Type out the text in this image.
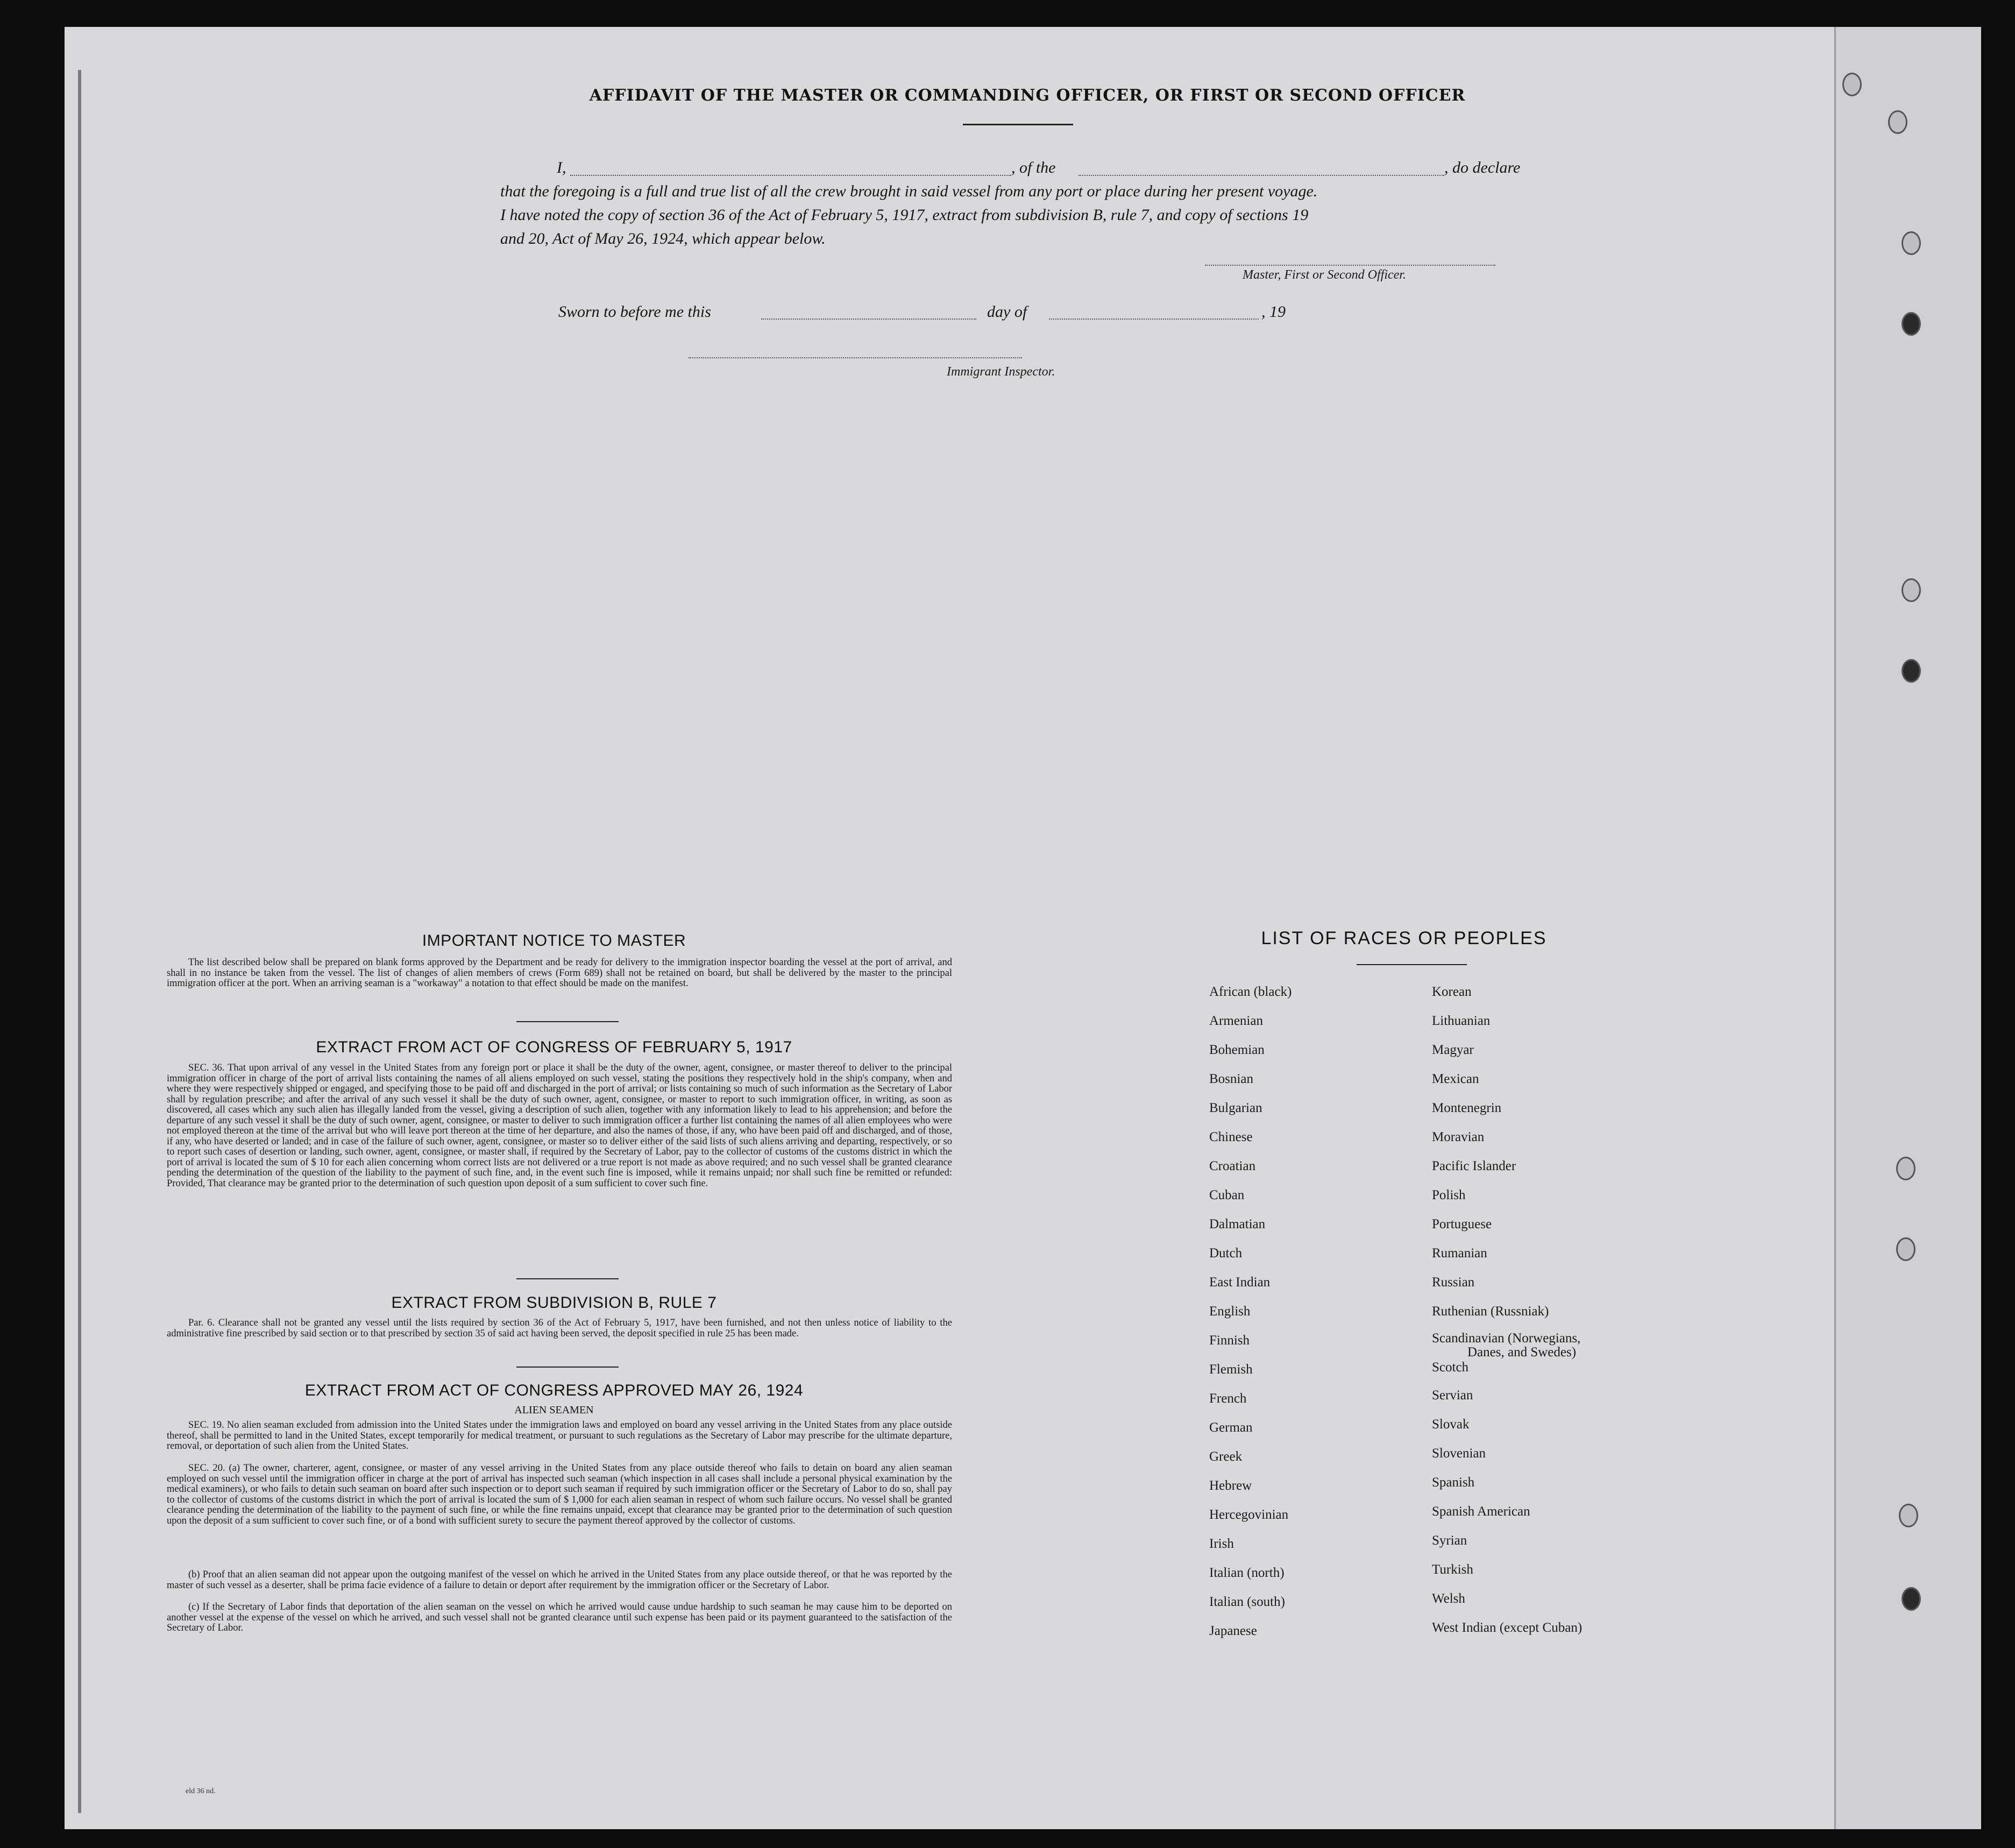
AFFIDAVIT OF THE MASTER OR COMMANDING OFFICER, OR FIRST OR SECOND OFFICER
I,	, of the	, do declare
that the foregoing is a full and true list of all the crew brought in said vessel from any port or place during her present voyage.
I have noted the copy of section 36 of the Act of February 5, 1917, extract from subdivision B, rule 7, and copy of sections 19
and 20, Act of May 26, 1924, which appear below.
Master, First or Second Officer.
Sworn to before me this	day of	, 19
Immigrant Inspector.
IMPORTANT NOTICE TO MASTER
The list described below shall be prepared on blank forms approved by the Department and be ready for delivery to the immigration inspector boarding the vessel at the port of arrival, and shall in no instance be taken from the vessel. The list of changes of alien members of crews (Form 689) shall not be retained on board, but shall be delivered by the master to the principal immigration officer at the port. When an arriving seaman is a "workaway" a notation to that effect should be made on the manifest.
EXTRACT FROM ACT OF CONGRESS OF FEBRUARY 5, 1917
SEC. 36. That upon arrival of any vessel in the United States from any foreign port or place it shall be the duty of the owner, agent, consignee, or master thereof to deliver to the principal immigration officer in charge of the port of arrival lists containing the names of all aliens employed on such vessel, stating the positions they respectively hold in the ship's company, when and where they were respectively shipped or engaged, and specifying those to be paid off and discharged in the port of arrival; or lists containing so much of such information as the Secretary of Labor shall by regulation prescribe; and after the arrival of any such vessel it shall be the duty of such owner, agent, consignee, or master to report to such immigration officer, in writing, as soon as discovered, all cases which any such alien has illegally landed from the vessel, giving a description of such alien, together with any information likely to lead to his apprehension; and before the departure of any such vessel it shall be the duty of such owner, agent, consignee, or master to deliver to such immigration officer a further list containing the names of all alien employees who were not employed thereon at the time of the arrival but who will leave port thereon at the time of her departure, and also the names of those, if any, who have been paid off and discharged, and of those, if any, who have deserted or landed; and in case of the failure of such owner, agent, consignee, or master so to deliver either of the said lists of such aliens arriving and departing, respectively, or so to report such cases of desertion or landing, such owner, agent, consignee, or master shall, if required by the Secretary of Labor, pay to the collector of customs of the customs district in which the port of arrival is located the sum of $ 10 for each alien concerning whom correct lists are not delivered or a true report is not made as above required; and no such vessel shall be granted clearance pending the determination of the question of the liability to the payment of such fine, and, in the event such fine is imposed, while it remains unpaid; nor shall such fine be remitted or refunded: Provided, That clearance may be granted prior to the determination of such question upon deposit of a sum sufficient to cover such fine.
EXTRACT FROM SUBDIVISION B, RULE 7
Par. 6. Clearance shall not be granted any vessel until the lists required by section 36 of the Act of February 5, 1917, have been furnished, and not then unless notice of liability to the administrative fine prescribed by said section or to that prescribed by section 35 of said act having been served, the deposit specified in rule 25 has been made.
EXTRACT FROM ACT OF CONGRESS APPROVED MAY 26, 1924
ALIEN SEAMEN
SEC. 19. No alien seaman excluded from admission into the United States under the immigration laws and employed on board any vessel arriving in the United States from any place outside thereof, shall be permitted to land in the United States, except temporarily for medical treatment, or pursuant to such regulations as the Secretary of Labor may prescribe for the ultimate departure, removal, or deportation of such alien from the United States.
SEC. 20. (a) The owner, charterer, agent, consignee, or master of any vessel arriving in the United States from any place outside thereof who fails to detain on board any alien seaman employed on such vessel until the immigration officer in charge at the port of arrival has inspected such seaman (which inspection in all cases shall include a personal physical examination by the medical examiners), or who fails to detain such seaman on board after such inspection or to deport such seaman if required by such immigration officer or the Secretary of Labor to do so, shall pay to the collector of customs of the customs district in which the port of arrival is located the sum of $ 1,000 for each alien seaman in respect of whom such failure occurs. No vessel shall be granted clearance pending the determination of the liability to the payment of such fine, or while the fine remains unpaid, except that clearance may be granted prior to the determination of such question upon the deposit of a sum sufficient to cover such fine, or of a bond with sufficient surety to secure the payment thereof approved by the collector of customs.
(b) Proof that an alien seaman did not appear upon the outgoing manifest of the vessel on which he arrived in the United States from any place outside thereof, or that he was reported by the master of such vessel as a deserter, shall be prima facie evidence of a failure to detain or deport after requirement by the immigration officer or the Secretary of Labor.
(c) If the Secretary of Labor finds that deportation of the alien seaman on the vessel on which he arrived would cause undue hardship to such seaman he may cause him to be deported on another vessel at the expense of the vessel on which he arrived, and such vessel shall not be granted clearance until such expense has been paid or its payment guaranteed to the satisfaction of the Secretary of Labor.
LIST OF RACES OR PEOPLES
African (black)
Armenian
Bohemian
Bosnian
Bulgarian
Chinese
Croatian
Cuban
Dalmatian
Dutch
East Indian
English
Finnish
Flemish
French
German
Greek
Hebrew
Hercegovinian
Irish
Italian (north)
Italian (south)
Japanese
Korean
Lithuanian
Magyar
Mexican
Montenegrin
Moravian
Pacific Islander
Polish
Portuguese
Rumanian
Russian
Ruthenian (Russniak)
Scandinavian (Norwegians,
Danes, and Swedes)
Scotch
Servian
Slovak
Slovenian
Spanish
Spanish American
Syrian
Turkish
Welsh
West Indian (except Cuban)
eld 36 nd.
